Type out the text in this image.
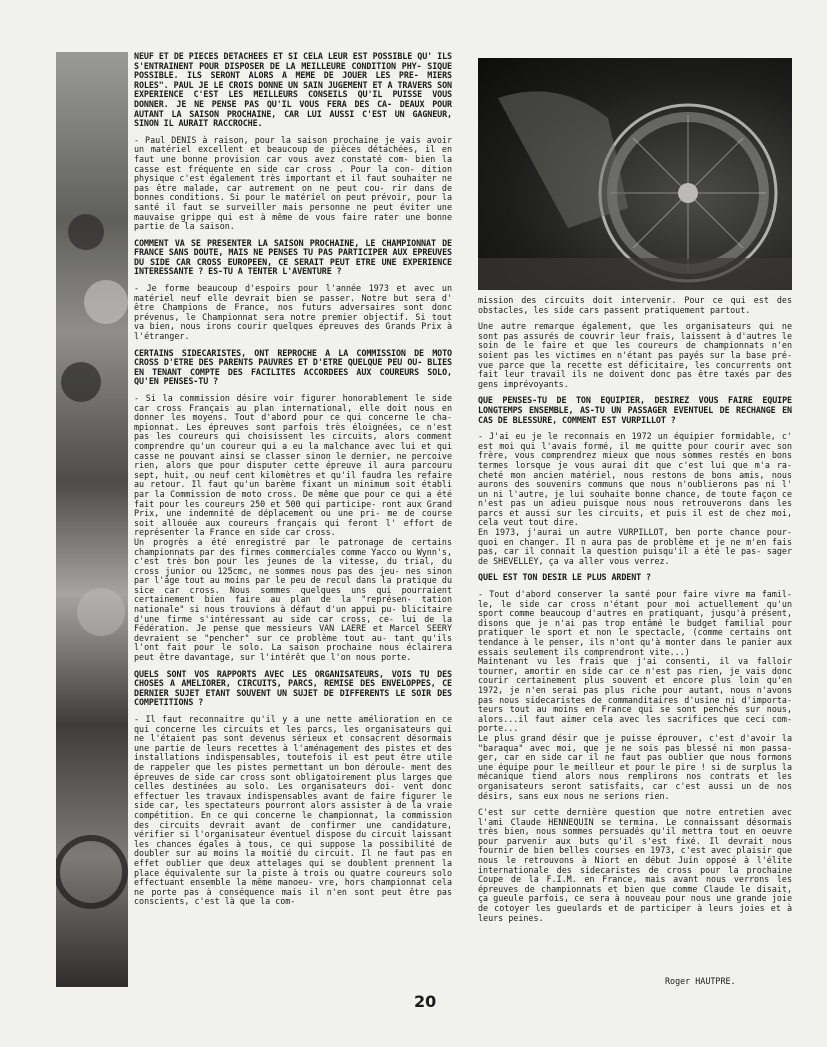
NEUF ET DE PIECES DETACHEES ET SI CELA LEUR EST POSSIBLE QU' ILS S'ENTRAINENT POUR DISPOSER DE LA MEILLEURE CONDITION PHY- SIQUE POSSIBLE. ILS SERONT ALORS A MEME DE JOUER LES PRE- MIERS ROLES". PAUL JE LE CROIS DONNE UN SAIN JUGEMENT ET A TRAVERS SON EXPERIENCE C'EST LES MEILLEURS CONSEILS QU'IL PUISSE VOUS DONNER. JE NE PENSE PAS QU'IL VOUS FERA DES CA- DEAUX POUR AUTANT LA SAISON PROCHAINE, CAR LUI AUSSI C'EST UN GAGNEUR, SINON IL AURAIT RACCROCHE.

- Paul DENIS à raison, pour la saison prochaine je vais avoir un matériel excellent et beaucoup de pièces détachées, il en faut une bonne provision car vous avez constaté com- bien la casse est fréquente en side car cross . Pour la con- dition physique c'est également très important et il faut souhaiter ne pas être malade, car autrement on ne peut cou- rir dans de bonnes conditions. Si pour le matériel on peut prévoir, pour la santé il faut se surveiller mais personne ne peut éviter une mauvaise grippe qui est à même de vous faire rater une bonne partie de la saison.

COMMENT VA SE PRESENTER LA SAISON PROCHAINE, LE CHAMPIONNAT DE FRANCE SANS DOUTE, MAIS NE PENSES TU PAS PARTICIPER AUX EPREUVES DU SIDE CAR CROSS EUROPEEN, CE SERAIT PEUT ETRE UNE EXPERIENCE INTERESSANTE ? ES-TU A TENTER L'AVENTURE ?

- Je forme beaucoup d'espoirs pour l'année 1973 et avec un matériel neuf elle devrait bien se passer. Notre but sera d' être Champions de France, nos futurs adversaires sont donc prévenus, le Championnat sera notre premier objectif. Si tout va bien, nous irons courir quelques épreuves des Grands Prix à l'étranger.

CERTAINS SIDECARISTES, ONT REPROCHE A LA COMMISSION DE MOTO CROSS D'ETRE DES PARENTS PAUVRES ET D'ETRE QUELQUE PEU OU- BLIES EN TENANT COMPTE DES FACILITES ACCORDEES AUX COUREURS SOLO, QU'EN PENSES-TU ?

- Si la commission désire voir figurer honorablement le side car cross Français au plan international, elle doit nous en donner les moyens. Tout d'abord pour ce qui concerne le cha- mpionnat. Les épreuves sont parfois très éloignées, ce n'est pas les coureurs qui choisissent les circuits, alors comment comprendre qu'un coureur qui a eu la malchance avec lui et qui casse ne pouvant ainsi se classer sinon le dernier, ne percoive rien, alors que pour disputer cette épreuve il aura parcouru sept, huit, ou neuf cent kilomètres et qu'il faudra les refaire au retour. Il faut qu'un barème fixant un minimum soit établi par la Commission de moto cross. De même que pour ce qui a été fait pour les coureurs 250 et 500 qui participe- ront aux Grand Prix, une indemnité de déplacement ou une pri- me de course soit allouée aux coureurs français qui feront l' effort de représenter la France en side car cross.
Un progrès a été enregistré par le patronage de certains championnats par des firmes commerciales comme Yacco ou Wynn's, c'est très bon pour les jeunes de la vitesse, du trial, du cross junior ou 125cmc, ne sommes nous pas des jeu- nes sinon par l'âge tout au moins par le peu de recul dans la pratique du sice car cross. Nous sommes quelques uns qui pourraient certainement bien faire au plan de la "représen- tation nationale" si nous trouvions à défaut d'un appui pu- blicitaire d'une firme s'intéressant au side car cross, ce- lui de la Fédération. Je pense que messieurs VAN LAERE et Marcel SEERY devraient se "pencher" sur ce problème tout au- tant qu'ils l'ont fait pour le solo. La saison prochaine nous éclairera peut être davantage, sur l'intérêt que l'on nous porte.

QUELS SONT VOS RAPPORTS AVEC LES ORGANISATEURS, VOIS TU DES CHOSES A AMELIORER, CIRCUITS, PARCS, REMISE DES ENVELOPPES, CE DERNIER SUJET ETANT SOUVENT UN SUJET DE DIFFERENTS LE SOIR DES COMPETITIONS ?

- Il faut reconnaitre qu'il y a une nette amélioration en ce qui concerne les circuits et les parcs, les organisateurs qui ne l'étaient pas sont devenus sérieux et consacrent désormais une partie de leurs recettes à l'aménagement des pistes et des installations indispensables, toutefois il est peut être utile de rappeler que les pistes permettant un bon déroule- ment des épreuves de side car cross sont obligatoirement plus larges que celles destinées au solo. Les organisateurs doi- vent donc effectuer les travaux indispensables avant de faire figurer le side car, les spectateurs pourront alors assister à de la vraie compétition. En ce qui concerne le championnat, la commission des circuits devrait avant de confirmer une candidature, vérifier si l'organisateur éventuel dispose du circuit laissant les chances égales à tous, ce qui suppose la possibilité de doubler sur au moins la moitié du circuit. Il ne faut pas en effet oublier que deux attelages qui se doublent prennent la place équivalente sur la piste à trois ou quatre coureurs solo effectuant ensemble la même manoeu- vre, hors championnat cela ne porte pas à conséquence mais il n'en sont peut être pas conscients, c'est là que la com-

mission des circuits doit intervenir. Pour ce qui est des obstacles, les side cars passent pratiquement partout.

Une autre remarque également, que les organisateurs qui ne sont pas assurés de couvrir leur frais, laissent à d'autres le soin de le faire et que les coureurs de championnats n'en soient pas les victimes en n'étant pas payés sur la base pré- vue parce que la recette est déficitaire, les concurrents ont fait leur travail ils ne doivent donc pas être taxés par des gens imprévoyants.

QUE PENSES-TU DE TON EQUIPIER, DESIREZ VOUS FAIRE EQUIPE LONGTEMPS ENSEMBLE, AS-TU UN PASSAGER EVENTUEL DE RECHANGE EN CAS DE BLESSURE, COMMENT EST VURPILLOT ?

- J'ai eu je le reconnais en 1972 un équipier formidable, c' est moi qui l'avais formé, il me quitte pour courir avec son frère, vous comprendrez mieux que nous sommes restés en bons termes lorsque je vous aurai dit que c'est lui que m'a ra- cheté mon ancien matériel, nous restons de bons amis, nous aurons des souvenirs communs que nous n'oublierons pas ni l' un ni l'autre, je lui souhaite bonne chance, de toute façon ce n'est pas un adieu puisque nous nous retrouverons dans les parcs et aussi sur les circuits, et puis il est de chez moi, cela veut tout dire.
En 1973, j'aurai un autre VURPILLOT, ben porte chance pour- quoi en changer. Il n aura pas de problème et je ne m'en fais pas, car il connait la question puisqu'il a été le pas- sager de SHEVELLEY, ça va aller vous verrez.

QUEL EST TON DESIR LE PLUS ARDENT ?

- Tout d'abord conserver la santé pour faire vivre ma famil- le, le side car cross n'étant pour moi actuellement qu'un sport comme beaucoup d'autres en pratiquant, jusqu'à présent, disons que je n'ai pas trop entâmé le budget familial pour pratiquer le sport et non le spectacle, (comme certains ont tendance à le penser, ils n'ont qu'à monter dans le panier aux essais seulement ils comprendront vite...)
Maintenant vu les frais que j'ai consenti, il va falloir tourner, amortir en side car ce n'est pas rien, je vais donc courir certainement plus souvent et encore plus loin qu'en 1972, je n'en serai pas plus riche pour autant, nous n'avons pas nous sidecaristes de commanditaires d'usine ni d'importa- teurs tout au moins en France qui se sont penchés sur nous, alors...il faut aimer cela avec les sacrifices que ceci com- porte...
Le plus grand désir que je puisse éprouver, c'est d'avoir la "baraqua" avec moi, que je ne sois pas blessé ni mon passa- ger, car en side car il ne faut pas oublier que nous formons une équipe pour le meilleur et pour le pire ! si de surplus la mécanique tiend alors nous remplirons nos contrats et les organisateurs seront satisfaits, car c'est aussi un de nos désirs, sans eux nous ne serions rien.

C'est sur cette dernière question que notre entretien avec l'ami Claude HENNEQUIN se termina. Le connaissant désormais très bien, nous sommes persuadés qu'il mettra tout en oeuvre pour parvenir aux buts qu'il s'est fixé. Il devrait nous fournir de bien belles courses en 1973, c'est avec plaisir que nous le retrouvons à Niort en début Juin opposé à l'élite internationale des sidecaristes de cross pour la prochaine Coupe de la F.I.M. en France, mais avant nous verrons les épreuves de championnats et bien que comme Claude le disait, ça gueule parfois, ce sera à nouveau pour nous une grande joie de cotoyer les gueulards et de participer à leurs joies et à leurs peines.

Roger HAUTPRE.
20
